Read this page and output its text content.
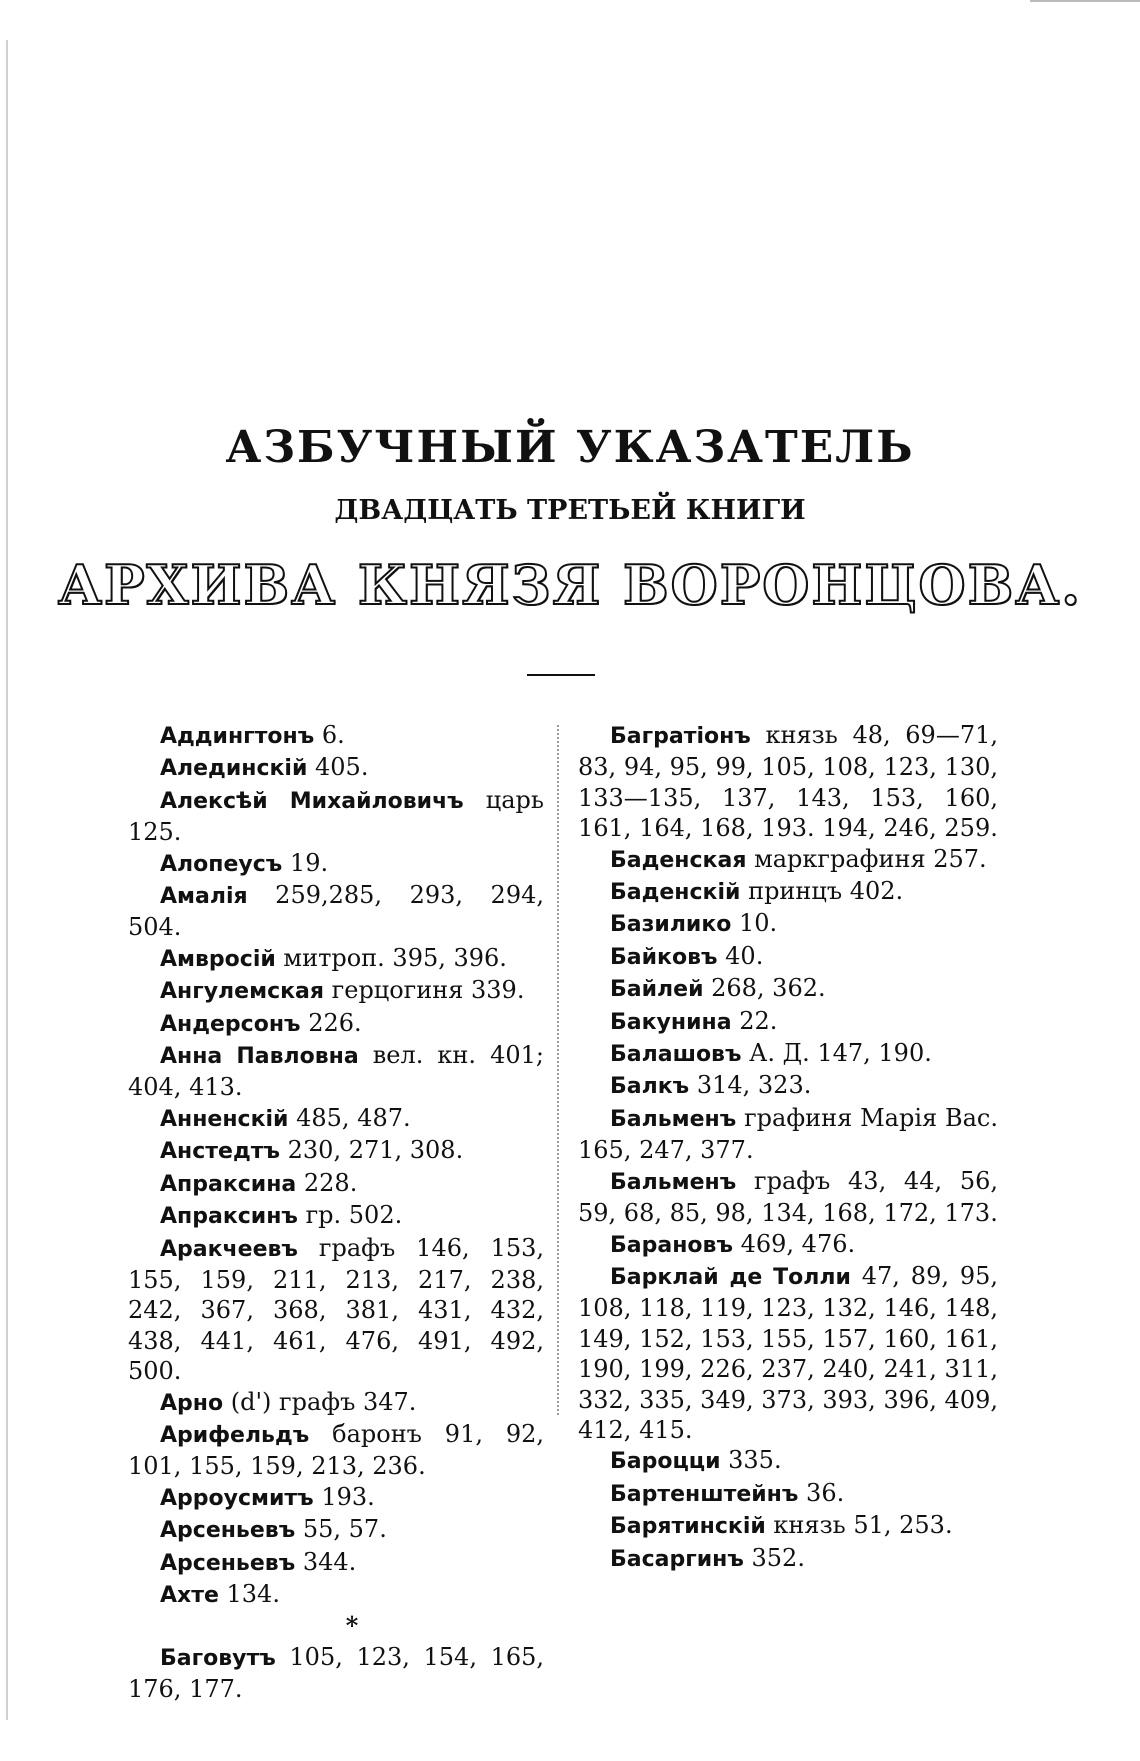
АЗБУЧНЫЙ УКАЗАТЕЛЬ

ДВАДЦАТЬ ТРЕТЬЕЙ КНИГИ

АРХИВА КНЯЗЯ ВОРОНЦОВА.

Аддингтонъ 6.
Алединскій 405.
Алексѣй Михайловичъ царь 125.
Алопеусъ 19.
Амалія 259,285, 293, 294, 504.
Амвросій митроп. 395, 396.
Ангулемская герцогиня 339.
Андерсонъ 226.
Анна Павловна вел. кн. 401; 404, 413.
Анненскій 485, 487.
Анстедтъ 230, 271, 308.
Апраксина 228.
Апраксинъ гр. 502.
Аракчеевъ графъ 146, 153, 155, 159, 211, 213, 217, 238, 242, 367, 368, 381, 431, 432, 438, 441, 461, 476, 491, 492, 500.
Арно (d') графъ 347.
Арифельдъ баронъ 91, 92, 101, 155, 159, 213, 236.
Арроусмитъ 193.
Арсеньевъ 55, 57.
Арсеньевъ 344.
Ахте 134.
*
Баговутъ 105, 123, 154, 165, 176, 177.
Багратіонъ князь 48, 69—71, 83, 94, 95, 99, 105, 108, 123, 130, 133—135, 137, 143, 153, 160, 161, 164, 168, 193. 194, 246, 259.
Баденская маркграфиня 257.
Баденскій принцъ 402.
Базилико 10.
Байковъ 40.
Байлей 268, 362.
Бакунина 22.
Балашовъ А. Д. 147, 190.
Балкъ 314, 323.
Бальменъ графиня Марія Вас. 165, 247, 377.
Бальменъ графъ 43, 44, 56, 59, 68, 85, 98, 134, 168, 172, 173.
Барановъ 469, 476.
Барклай де Толли 47, 89, 95, 108, 118, 119, 123, 132, 146, 148, 149, 152, 153, 155, 157, 160, 161, 190, 199, 226, 237, 240, 241, 311, 332, 335, 349, 373, 393, 396, 409, 412, 415.
Бароцци 335.
Бартенштейнъ 36.
Барятинскій князь 51, 253.
Басаргинъ 352.
